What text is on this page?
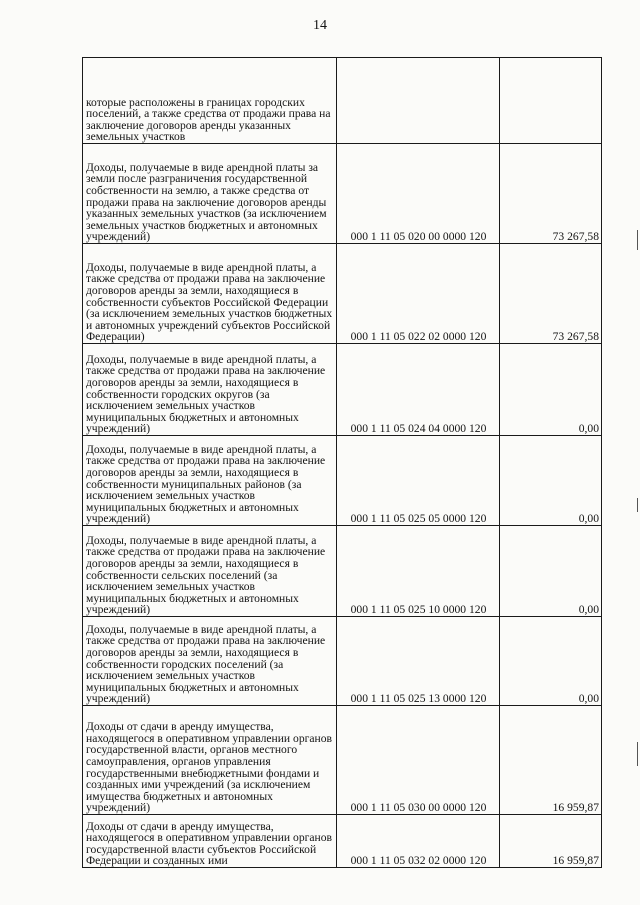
14
которые расположены в границах городских поселений, а также средства от продажи права на заключение договоров аренды указанных земельных участков		
Доходы, получаемые в виде арендной платы за земли после разграничения государственной собственности на землю, а также средства от продажи права на заключение договоров аренды указанных земельных участков (за исключением земельных участков бюджетных и автономных учреждений)	000 1 11 05 020 00 0000 120	73 267,58
Доходы, получаемые в виде арендной платы, а также средства от продажи права на заключение договоров аренды за земли, находящиеся в собственности субъектов Российской Федерации (за исключением земельных участков бюджетных и автономных учреждений субъектов Российской Федерации)	000 1 11 05 022 02 0000 120	73 267,58
Доходы, получаемые в виде арендной платы, а также средства от продажи права на заключение договоров аренды за земли, находящиеся в собственности городских округов (за исключением земельных участков муниципальных бюджетных и автономных учреждений)	000 1 11 05 024 04 0000 120	0,00
Доходы, получаемые в виде арендной платы, а также средства от продажи права на заключение договоров аренды за земли, находящиеся в собственности муниципальных районов (за исключением земельных участков муниципальных бюджетных и автономных учреждений)	000 1 11 05 025 05 0000 120	0,00
Доходы, получаемые в виде арендной платы, а также средства от продажи права на заключение договоров аренды за земли, находящиеся в собственности сельских поселений (за исключением земельных участков муниципальных бюджетных и автономных учреждений)	000 1 11 05 025 10 0000 120	0,00
Доходы, получаемые в виде арендной платы, а также средства от продажи права на заключение договоров аренды за земли, находящиеся в собственности городских поселений (за исключением земельных участков муниципальных бюджетных и автономных учреждений)	000 1 11 05 025 13 0000 120	0,00
Доходы от сдачи в аренду имущества, находящегося в оперативном управлении органов государственной власти, органов местного самоуправления, органов управления государственными внебюджетными фондами и созданных ими учреждений (за исключением имущества бюджетных и автономных учреждений)	000 1 11 05 030 00 0000 120	16 959,87
Доходы от сдачи в аренду имущества, находящегося в оперативном управлении органов государственной власти субъектов Российской Федерации и созданных ими	000 1 11 05 032 02 0000 120	16 959,87
